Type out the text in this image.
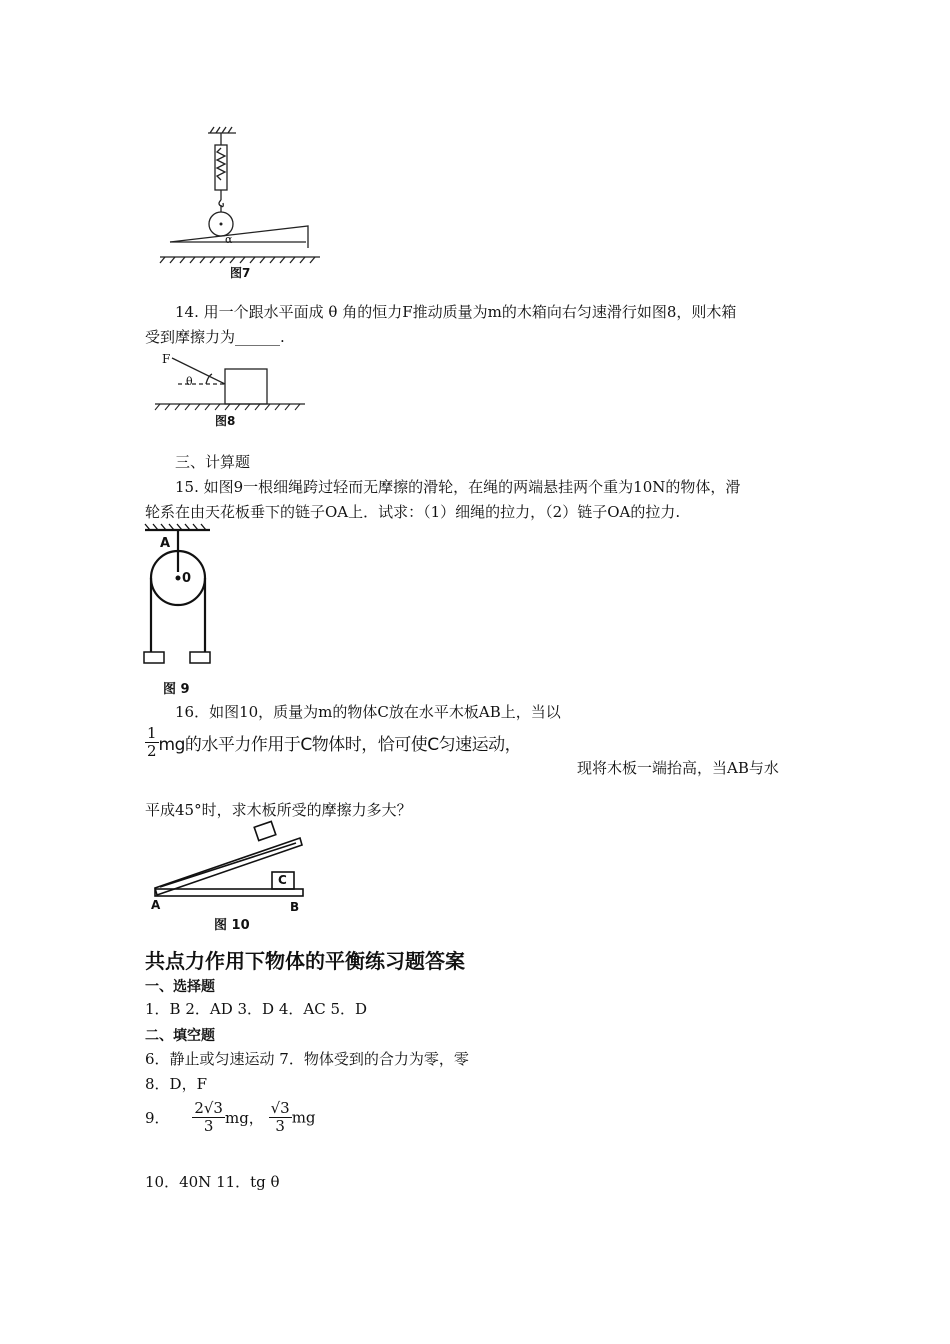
α
图7
14. 用一个跟水平面成 θ 角的恒力F推动质量为m的木箱向右匀速滑行如图8，则木箱
受到摩擦力为______.
F
θ
图8
三、计算题
15. 如图9一根细绳跨过轻而无摩擦的滑轮，在绳的两端悬挂两个重为10N的物体，滑
轮系在由天花板垂下的链子OA上．试求：（1）细绳的拉力，（2）链子OA的拉力.
A
0
图 9
16．如图10，质量为m的物体C放在水平木板AB上，当以
$\frac{1}{2}$ mg的水平力作用于C物体时，恰可使C匀速运动，
现将木板一端抬高，当AB与水
平成45°时，求木板所受的摩擦力多大？
C
A	B
图 10
共点力作用下物体的平衡练习题答案
一、选择题
1．B 2．AD 3．D 4．AC 5．D
二、填空题
6．静止或匀速运动 7．物体受到的合力为零，零
8．D，F
9． $\frac{2√3}{3}$ mg， $\frac{√3}{3}$ mg
10．40N 11．tg θ
